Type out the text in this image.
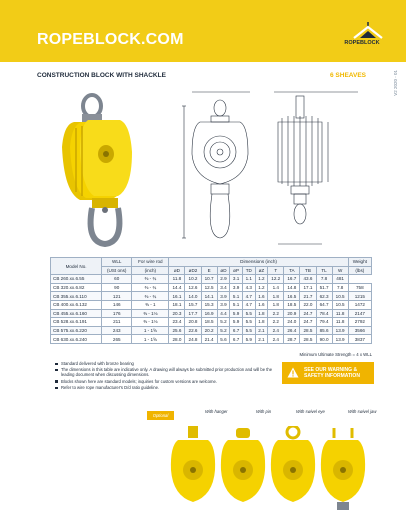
ROPEBLOCK.COM	ROPEBLOCK
V2 2020 - 01
CONSTRUCTION BLOCK WITH SHACKLE	6 SHEAVES
Model No.	WLL	For wire rod	Dimensions (inch)												Weight
	(USt ons)	(inch)	øD	øD2	E	øD	øP	TD	øZ	T	TA	TB	TL	W	(lbs)
CB 260.xx.6.55	60	⅜ - ¾	11.8	10.2	10.7	2.9	3.1	1.1	1.2	12.2	16.7	43.6	7.8	481	
CB 320.xx.6.82	90	⅜ - ¾	14.4	12.6	12.5	3.4	3.9	4.3	1.2	1.4	14.8	17.1	51.7	7.8	758
CB 355.xx.6.110	121	⅜ - ¾	16.1	14.0	14.1	3.9	5.1	4.7	1.6	1.8	16.5	21.7	62.3	10.5	1215
CB 400.xx.6.132	146	⅜ - 1	18.1	15.7	15.3	3.9	5.1	4.7	1.6	1.8	18.5	22.0	64.7	10.5	1472
CB 455.xx.6.160	176	⅜ - 1⅛	20.3	17.7	16.9	4.4	5.9	5.5	1.8	2.2	20.9	24.7	78.4	11.8	2147
CB 528.xx.6.191	211	⅜ - 1⅛	23.4	20.8	18.5	5.2	5.9	5.5	1.8	2.2	24.0	24.7	79.4	11.8	2792
CB 575.xx.6.220	243	1 - 1⅝	25.6	22.6	20.2	5.2	6.7	5.5	2.1	2.4	26.4	28.5	85.6	13.9	3566
CB 630.xx.6.240	265	1 - 1⅝	28.0	24.8	21.4	5.6	6.7	5.9	2.1	2.4	28.7	28.5	90.0	13.9	3837
Minimum Ultimate Strength = 4 x WLL
Standard delivered with bronze bearing
The dimensions in this table are indicative only. A drawing will always be submitted prior production and will be the leading document when discussing dimensions.
Blocks shown here are standard models; inquiries for custom versions are welcome.
Refer to wire rope manufacturer's D/d ratio guideline.
SEE OUR WARNING & SAFETY INFORMATION
Optional
With hanger	With pin	With swivel eye	With swivel jaw
